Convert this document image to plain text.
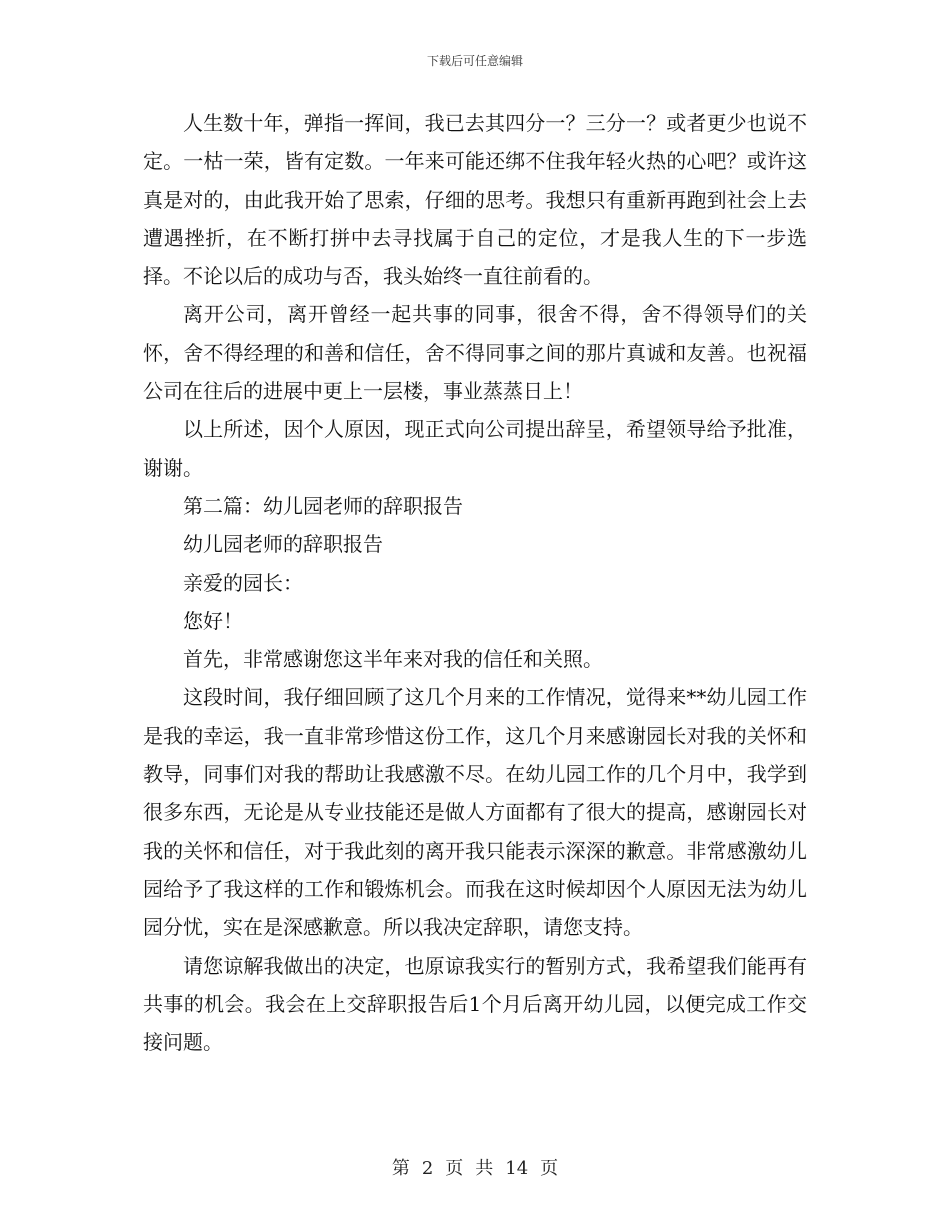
下载后可任意编辑

人生数十年，弹指一挥间，我已去其四分一？三分一？或者更少也说不定。一枯一荣，皆有定数。一年来可能还绑不住我年轻火热的心吧？或许这真是对的，由此我开始了思索，仔细的思考。我想只有重新再跑到社会上去遭遇挫折，在不断打拼中去寻找属于自己的定位，才是我人生的下一步选择。不论以后的成功与否，我头始终一直往前看的。

离开公司，离开曾经一起共事的同事，很舍不得，舍不得领导们的关怀，舍不得经理的和善和信任，舍不得同事之间的那片真诚和友善。也祝福公司在往后的进展中更上一层楼，事业蒸蒸日上！

以上所述，因个人原因，现正式向公司提出辞呈，希望领导给予批准，谢谢。

第二篇：幼儿园老师的辞职报告

幼儿园老师的辞职报告

亲爱的园长：

您好！

首先，非常感谢您这半年来对我的信任和关照。

这段时间，我仔细回顾了这几个月来的工作情况，觉得来**幼儿园工作是我的幸运，我一直非常珍惜这份工作，这几个月来感谢园长对我的关怀和教导，同事们对我的帮助让我感激不尽。在幼儿园工作的几个月中，我学到很多东西，无论是从专业技能还是做人方面都有了很大的提高，感谢园长对我的关怀和信任，对于我此刻的离开我只能表示深深的歉意。非常感激幼儿园给予了我这样的工作和锻炼机会。而我在这时候却因个人原因无法为幼儿园分忧，实在是深感歉意。所以我决定辞职，请您支持。

请您谅解我做出的决定，也原谅我实行的暂别方式，我希望我们能再有共事的机会。我会在上交辞职报告后1个月后离开幼儿园，以便完成工作交接问题。

第 2 页 共 14 页
